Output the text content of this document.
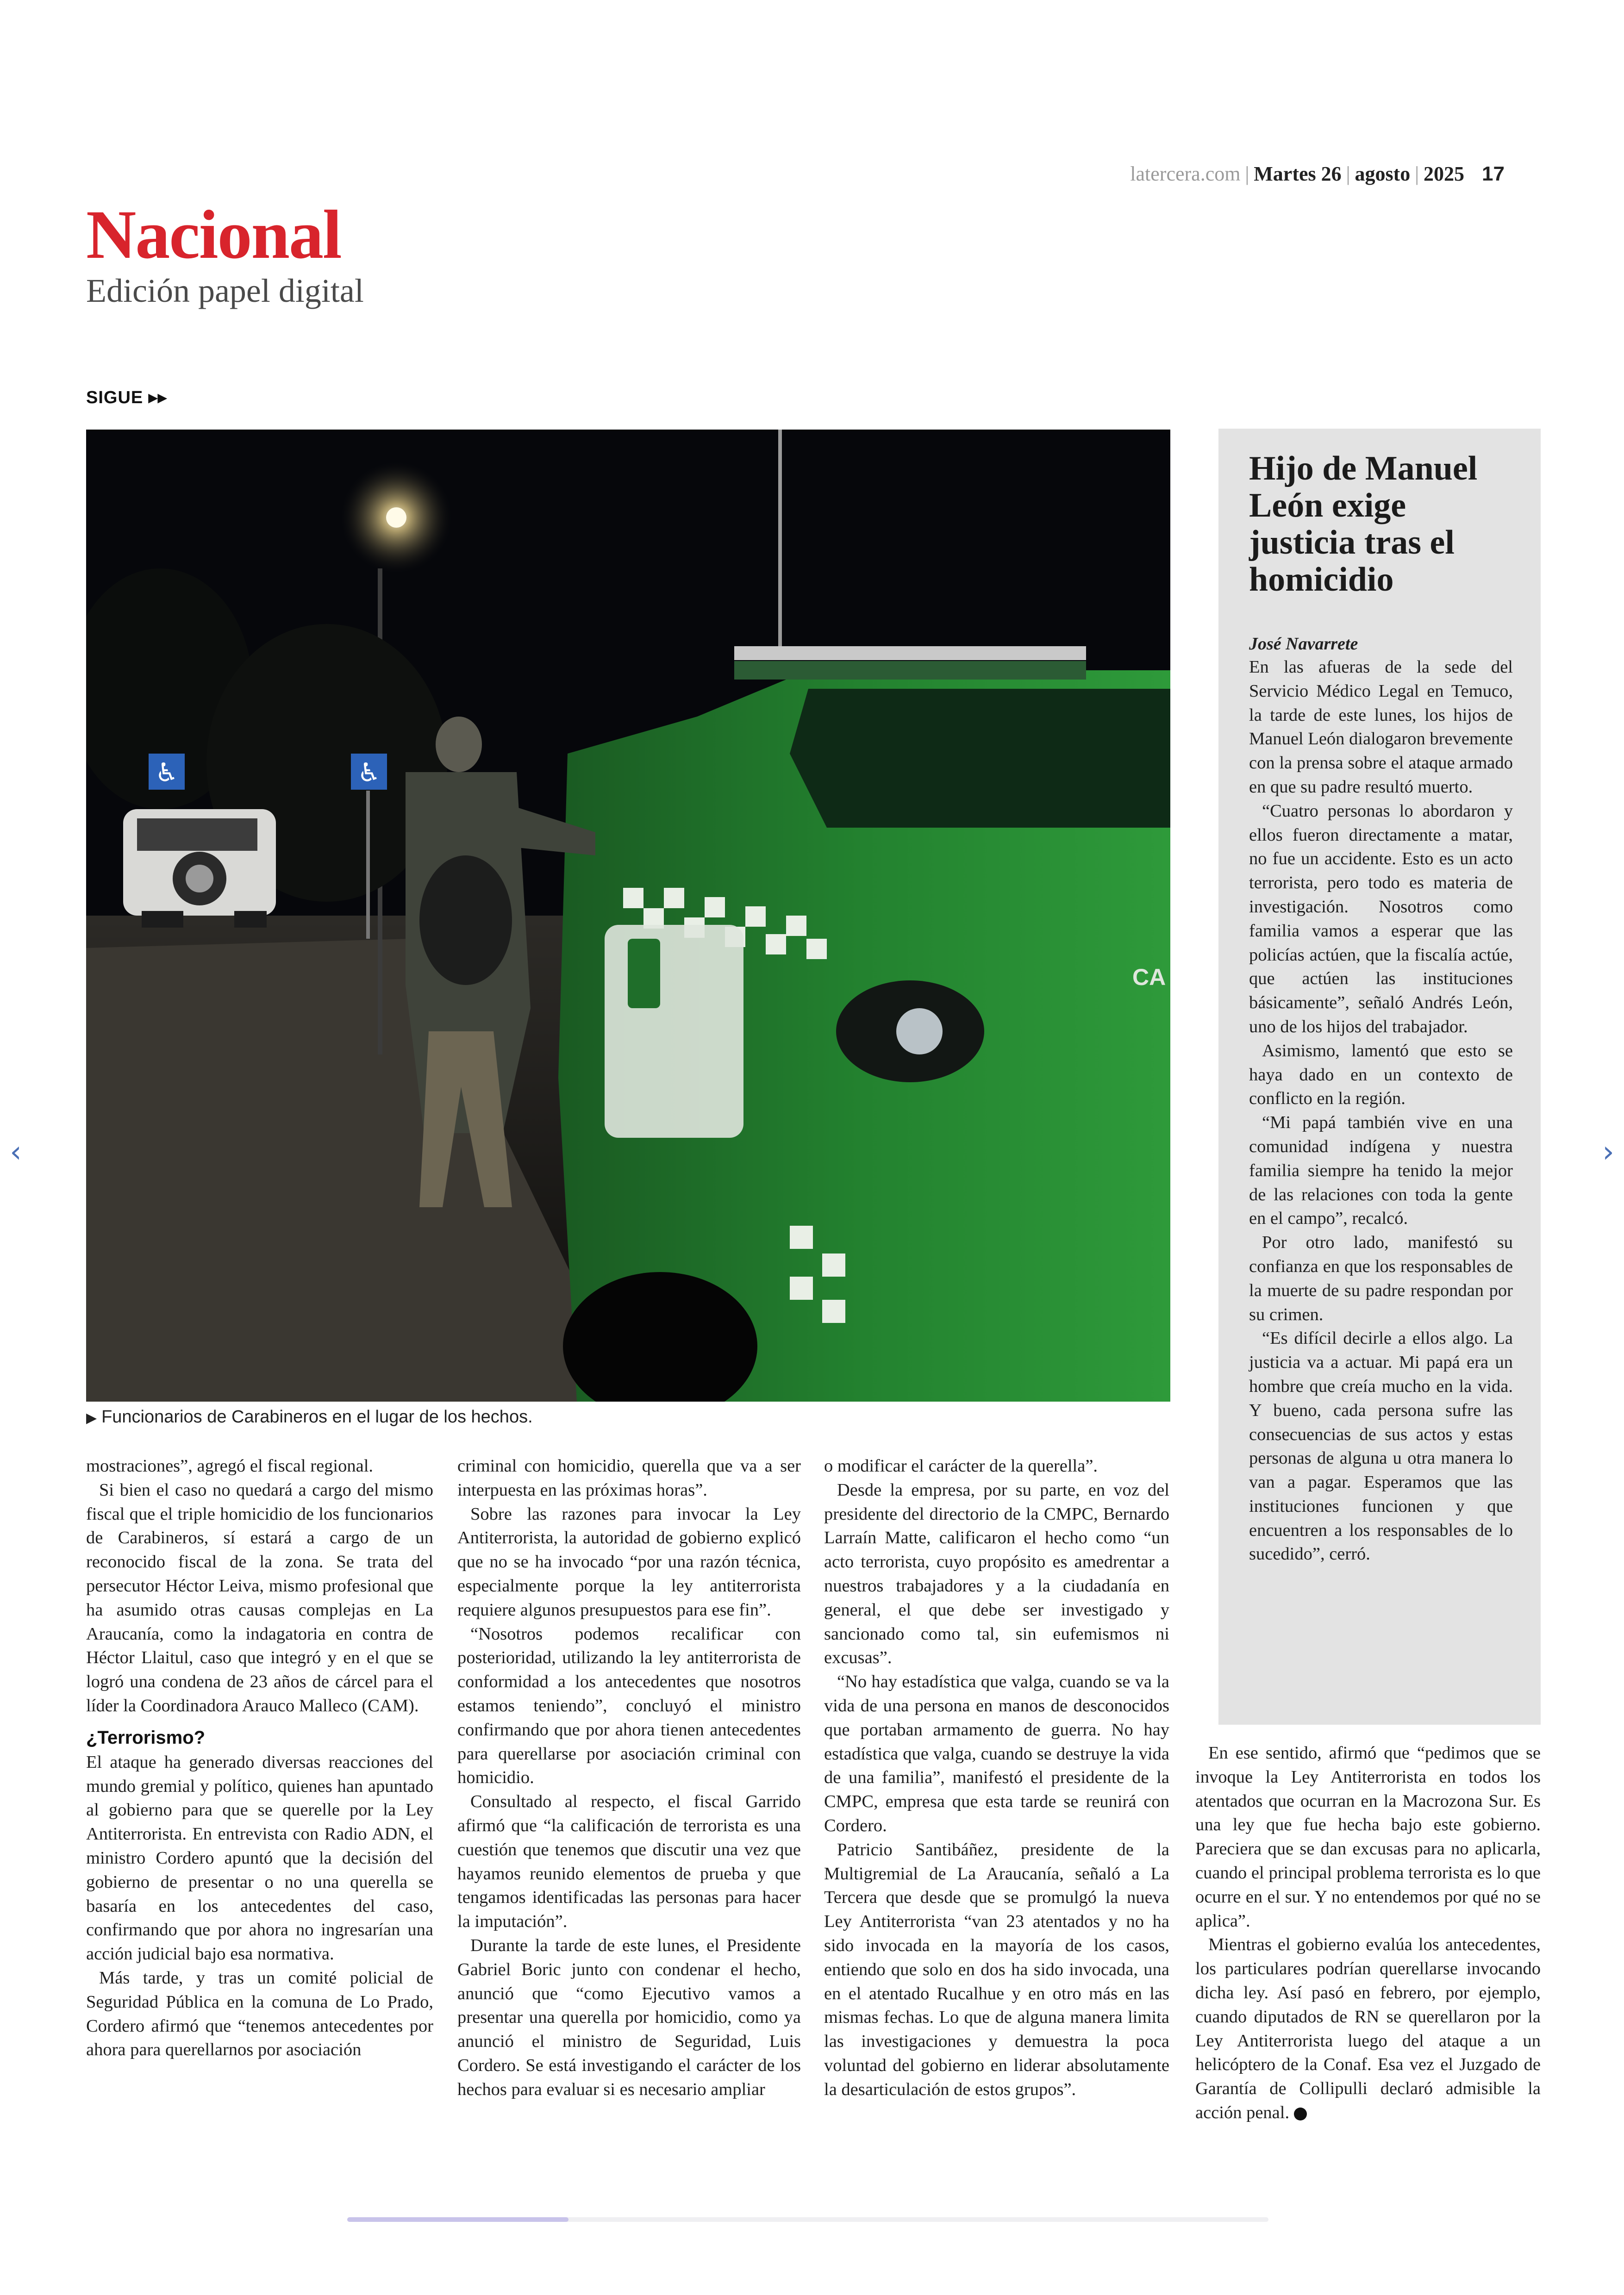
latercera.com | Martes 26 | agosto | 2025 17
Nacional
Edición papel digital
SIGUE ▸▸
♿	♿
CA
▶ Funcionarios de Carabineros en el lugar de los hechos.

mostraciones”, agregó el fiscal regional.

Si bien el caso no quedará a cargo del mismo fiscal que el triple homicidio de los funcionarios de Carabineros, sí estará a cargo de un reconocido fiscal de la zona. Se trata del persecutor Héctor Leiva, mismo profesional que ha asumido otras causas complejas en La Araucanía, como la indagatoria en contra de Héctor Llaitul, caso que integró y en el que se logró una condena de 23 años de cárcel para el líder la Coordinadora Arauco Malleco (CAM).

¿Terrorismo?

El ataque ha generado diversas reacciones del mundo gremial y político, quienes han apuntado al gobierno para que se querelle por la Ley Antiterrorista. En entrevista con Radio ADN, el ministro Cordero apuntó que la decisión del gobierno de presentar o no una querella se basaría en los antecedentes del caso, confirmando que por ahora no ingresarían una acción judicial bajo esa normativa.

Más tarde, y tras un comité policial de Seguridad Pública en la comuna de Lo Prado, Cordero afirmó que “tenemos antecedentes por ahora para querellarnos por asociación

criminal con homicidio, querella que va a ser interpuesta en las próximas horas”.

Sobre las razones para invocar la Ley Antiterrorista, la autoridad de gobierno explicó que no se ha invocado “por una razón técnica, especialmente porque la ley antiterrorista requiere algunos presupuestos para ese fin”.

“Nosotros podemos recalificar con posterioridad, utilizando la ley antiterrorista de conformidad a los antecedentes que nosotros estamos teniendo”, concluyó el ministro confirmando que por ahora tienen antecedentes para querellarse por asociación criminal con homicidio.

Consultado al respecto, el fiscal Garrido afirmó que “la calificación de terrorista es una cuestión que tenemos que discutir una vez que hayamos reunido elementos de prueba y que tengamos identificadas las personas para hacer la imputación”.

Durante la tarde de este lunes, el Presidente Gabriel Boric junto con condenar el hecho, anunció que “como Ejecutivo vamos a presentar una querella por homicidio, como ya anunció el ministro de Seguridad, Luis Cordero. Se está investigando el carácter de los hechos para evaluar si es necesario ampliar

o modificar el carácter de la querella”.

Desde la empresa, por su parte, en voz del presidente del directorio de la CMPC, Bernardo Larraín Matte, calificaron el hecho como “un acto terrorista, cuyo propósito es amedrentar a nuestros trabajadores y a la ciudadanía en general, el que debe ser investigado y sancionado como tal, sin eufemismos ni excusas”.

“No hay estadística que valga, cuando se va la vida de una persona en manos de desconocidos que portaban armamento de guerra. No hay estadística que valga, cuando se destruye la vida de una familia”, manifestó el presidente de la CMPC, empresa que esta tarde se reunirá con Cordero.

Patricio Santibáñez, presidente de la Multigremial de La Araucanía, señaló a La Tercera que desde que se promulgó la nueva Ley Antiterrorista “van 23 atentados y no ha sido invocada en la mayoría de los casos, entiendo que solo en dos ha sido invocada, una en el atentado Rucalhue y en otro más en las mismas fechas. Lo que de alguna manera limita las investigaciones y demuestra la poca voluntad del gobierno en liderar absolutamente la desarticulación de estos grupos”.

Hijo de Manuel León exige justicia tras el homicidio
José Navarrete

En las afueras de la sede del Servicio Médico Legal en Temuco, la tarde de este lunes, los hijos de Manuel León dialogaron brevemente con la prensa sobre el ataque armado en que su padre resultó muerto.

“Cuatro personas lo abordaron y ellos fueron directamente a matar, no fue un accidente. Esto es un acto terrorista, pero todo es materia de investigación. Nosotros como familia vamos a esperar que las policías actúen, que la fiscalía actúe, que actúen las instituciones básicamente”, señaló Andrés León, uno de los hijos del trabajador.

Asimismo, lamentó que esto se haya dado en un contexto de conflicto en la región.

“Mi papá también vive en una comunidad indígena y nuestra familia siempre ha tenido la mejor de las relaciones con toda la gente en el campo”, recalcó.

Por otro lado, manifestó su confianza en que los responsables de la muerte de su padre respondan por su crimen.

“Es difícil decirle a ellos algo. La justicia va a actuar. Mi papá era un hombre que creía mucho en la vida. Y bueno, cada persona sufre las consecuencias de sus actos y estas personas de alguna u otra manera lo van a pagar. Esperamos que las instituciones funcionen y que encuentren a los responsables de lo sucedido”, cerró.

En ese sentido, afirmó que “pedimos que se invoque la Ley Antiterrorista en todos los atentados que ocurran en la Macrozona Sur. Es una ley que fue hecha bajo este gobierno. Pareciera que se dan excusas para no aplicarla, cuando el principal problema terrorista es lo que ocurre en el sur. Y no entendemos por qué no se aplica”.

Mientras el gobierno evalúa los antecedentes, los particulares podrían querellarse invocando dicha ley. Así pasó en febrero, por ejemplo, cuando diputados de RN se querellaron por la Ley Antiterrorista luego del ataque a un helicóptero de la Conaf. Esa vez el Juzgado de Garantía de Collipulli declaró admisible la acción penal.

‹	›
